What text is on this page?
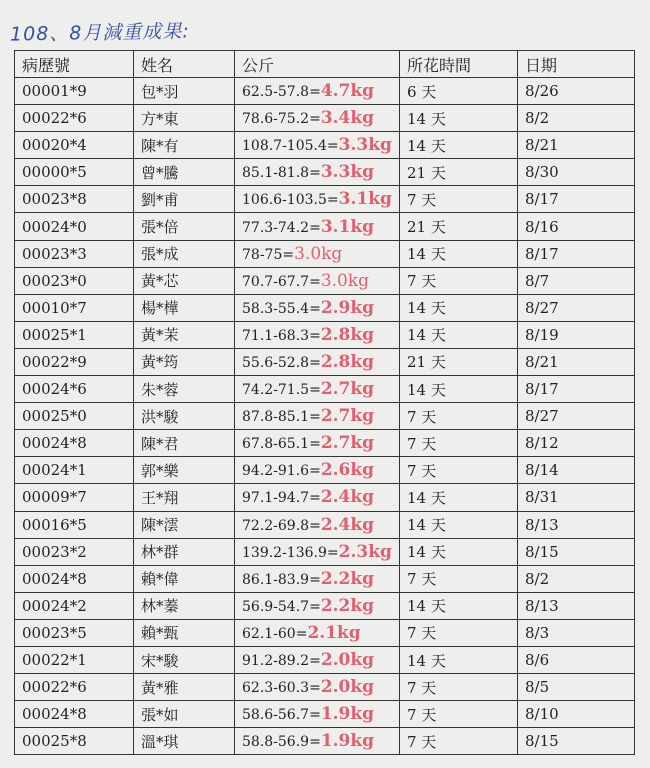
108、8月減重成果:
病歷號	姓名	公斤	所花時間	日期
00001*9	包*羽	62.5-57.8=4.7kg	6 天	8/26
00022*6	方*東	78.6-75.2=3.4kg	14 天	8/2
00020*4	陳*有	108.7-105.4=3.3kg	14 天	8/21
00000*5	曾*騰	85.1-81.8=3.3kg	21 天	8/30
00023*8	劉*甫	106.6-103.5=3.1kg	7 天	8/17
00024*0	張*倍	77.3-74.2=3.1kg	21 天	8/16
00023*3	張*成	78-75=3.0kg	14 天	8/17
00023*0	黃*芯	70.7-67.7=3.0kg	7 天	8/7
00010*7	楊*樺	58.3-55.4=2.9kg	14 天	8/27
00025*1	黃*茉	71.1-68.3=2.8kg	14 天	8/19
00022*9	黃*筠	55.6-52.8=2.8kg	21 天	8/21
00024*6	朱*蓉	74.2-71.5=2.7kg	14 天	8/17
00025*0	洪*駿	87.8-85.1=2.7kg	7 天	8/27
00024*8	陳*君	67.8-65.1=2.7kg	7 天	8/12
00024*1	郭*樂	94.2-91.6=2.6kg	7 天	8/14
00009*7	王*翔	97.1-94.7=2.4kg	14 天	8/31
00016*5	陳*澐	72.2-69.8=2.4kg	14 天	8/13
00023*2	林*群	139.2-136.9=2.3kg	14 天	8/15
00024*8	賴*偉	86.1-83.9=2.2kg	7 天	8/2
00024*2	林*蓁	56.9-54.7=2.2kg	14 天	8/13
00023*5	賴*甄	62.1-60=2.1kg	7 天	8/3
00022*1	宋*駿	91.2-89.2=2.0kg	14 天	8/6
00022*6	黃*雅	62.3-60.3=2.0kg	7 天	8/5
00024*8	張*如	58.6-56.7=1.9kg	7 天	8/10
00025*8	溫*琪	58.8-56.9=1.9kg	7 天	8/15
